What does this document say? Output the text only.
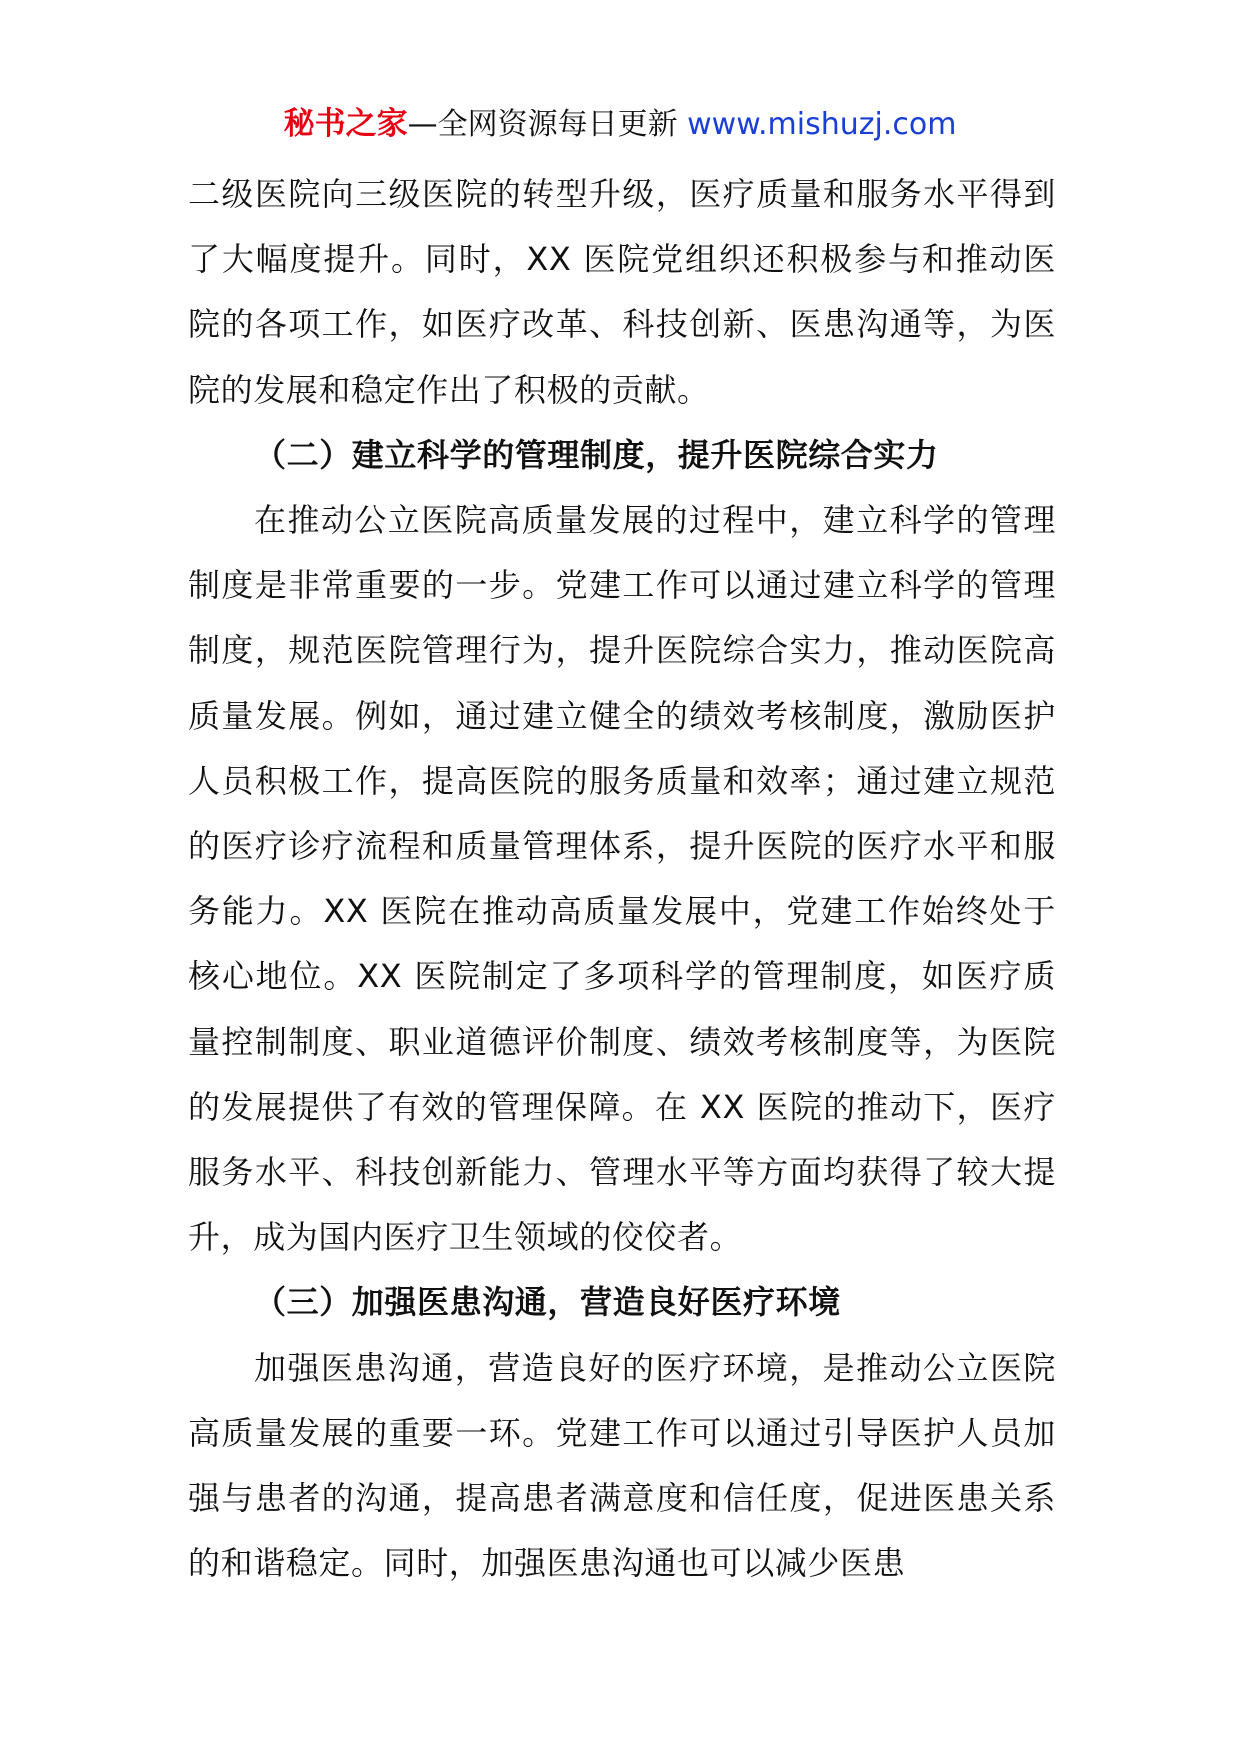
秘书之家—全网资源每日更新 www.mishuzj.com

二级医院向三级医院的转型升级，医疗质量和服务水平得到了大幅度提升。同时，XX 医院党组织还积极参与和推动医院的各项工作，如医疗改革、科技创新、医患沟通等，为医院的发展和稳定作出了积极的贡献。

（二）建立科学的管理制度，提升医院综合实力

在推动公立医院高质量发展的过程中，建立科学的管理制度是非常重要的一步。党建工作可以通过建立科学的管理制度，规范医院管理行为，提升医院综合实力，推动医院高质量发展。例如，通过建立健全的绩效考核制度，激励医护人员积极工作，提高医院的服务质量和效率；通过建立规范的医疗诊疗流程和质量管理体系，提升医院的医疗水平和服务能力。XX 医院在推动高质量发展中，党建工作始终处于核心地位。XX 医院制定了多项科学的管理制度，如医疗质量控制制度、职业道德评价制度、绩效考核制度等，为医院的发展提供了有效的管理保障。在 XX 医院的推动下，医疗服务水平、科技创新能力、管理水平等方面均获得了较大提升，成为国内医疗卫生领域的佼佼者。

（三）加强医患沟通，营造良好医疗环境

加强医患沟通，营造良好的医疗环境，是推动公立医院高质量发展的重要一环。党建工作可以通过引导医护人员加强与患者的沟通，提高患者满意度和信任度，促进医患关系的和谐稳定。同时，加强医患沟通也可以减少医患
